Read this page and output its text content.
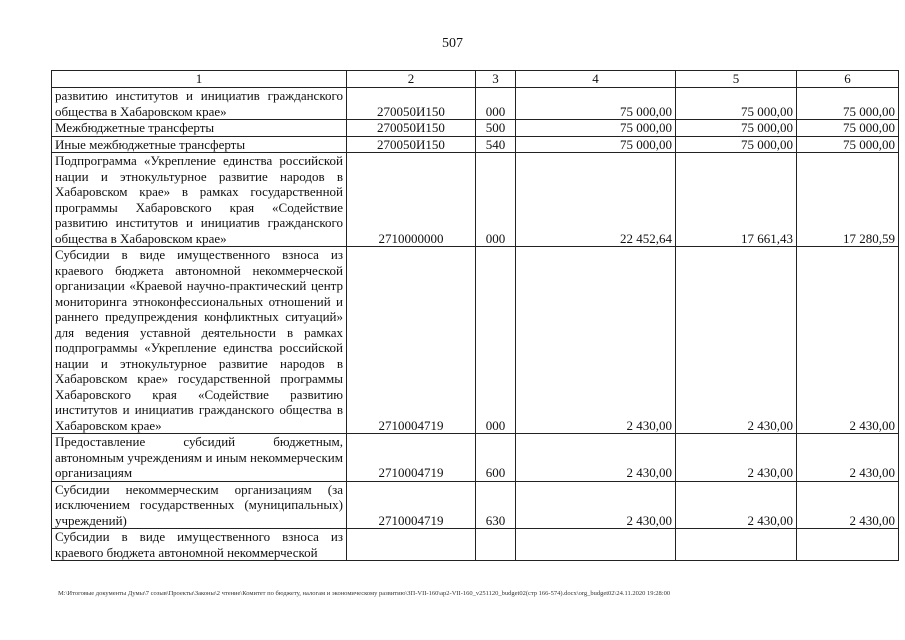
507
1	2	3	4	5	6
развитию институтов и инициатив гражданского общества в Хабаровском крае»	270050И150	000	75 000,00	75 000,00	75 000,00
Межбюджетные трансферты	270050И150	500	75 000,00	75 000,00	75 000,00
Иные межбюджетные трансферты	270050И150	540	75 000,00	75 000,00	75 000,00
Подпрограмма «Укрепление единства российской нации и этнокультурное развитие народов в Хабаровском крае» в рамках государственной программы Хабаровского края «Содействие развитию институтов и инициатив гражданского общества в Хабаровском крае»	2710000000	000	22 452,64	17 661,43	17 280,59
Субсидии в виде имущественного взноса из краевого бюджета автономной некоммерческой организации «Краевой научно-практический центр мониторинга этноконфессиональных отношений и раннего предупреждения конфликтных ситуаций» для ведения уставной деятельности в рамках подпрограммы «Укрепление единства российской нации и этнокультурное развитие народов в Хабаровском крае» государственной программы Хабаровского края «Содействие развитию институтов и инициатив гражданского общества в Хабаровском крае»	2710004719	000	2 430,00	2 430,00	2 430,00
Предоставление субсидий бюджетным, автономным учреждениям и иным некоммерческим организациям	2710004719	600	2 430,00	2 430,00	2 430,00
Субсидии некоммерческим организациям (за исключением государственных (муниципальных) учреждений)	2710004719	630	2 430,00	2 430,00	2 430,00
Субсидии в виде имущественного взноса из краевого бюджета автономной некоммерческой					
M:\Итоговые документы Думы\7 созыв\Проекты\Законы\2 чтение\Комитет по бюджету, налогам и экономическому развитию\ЗП-VII-160\ap2-VII-160_v251120_budget02(стр 166-574).docx\org_budget02\24.11.2020 19:28:00
